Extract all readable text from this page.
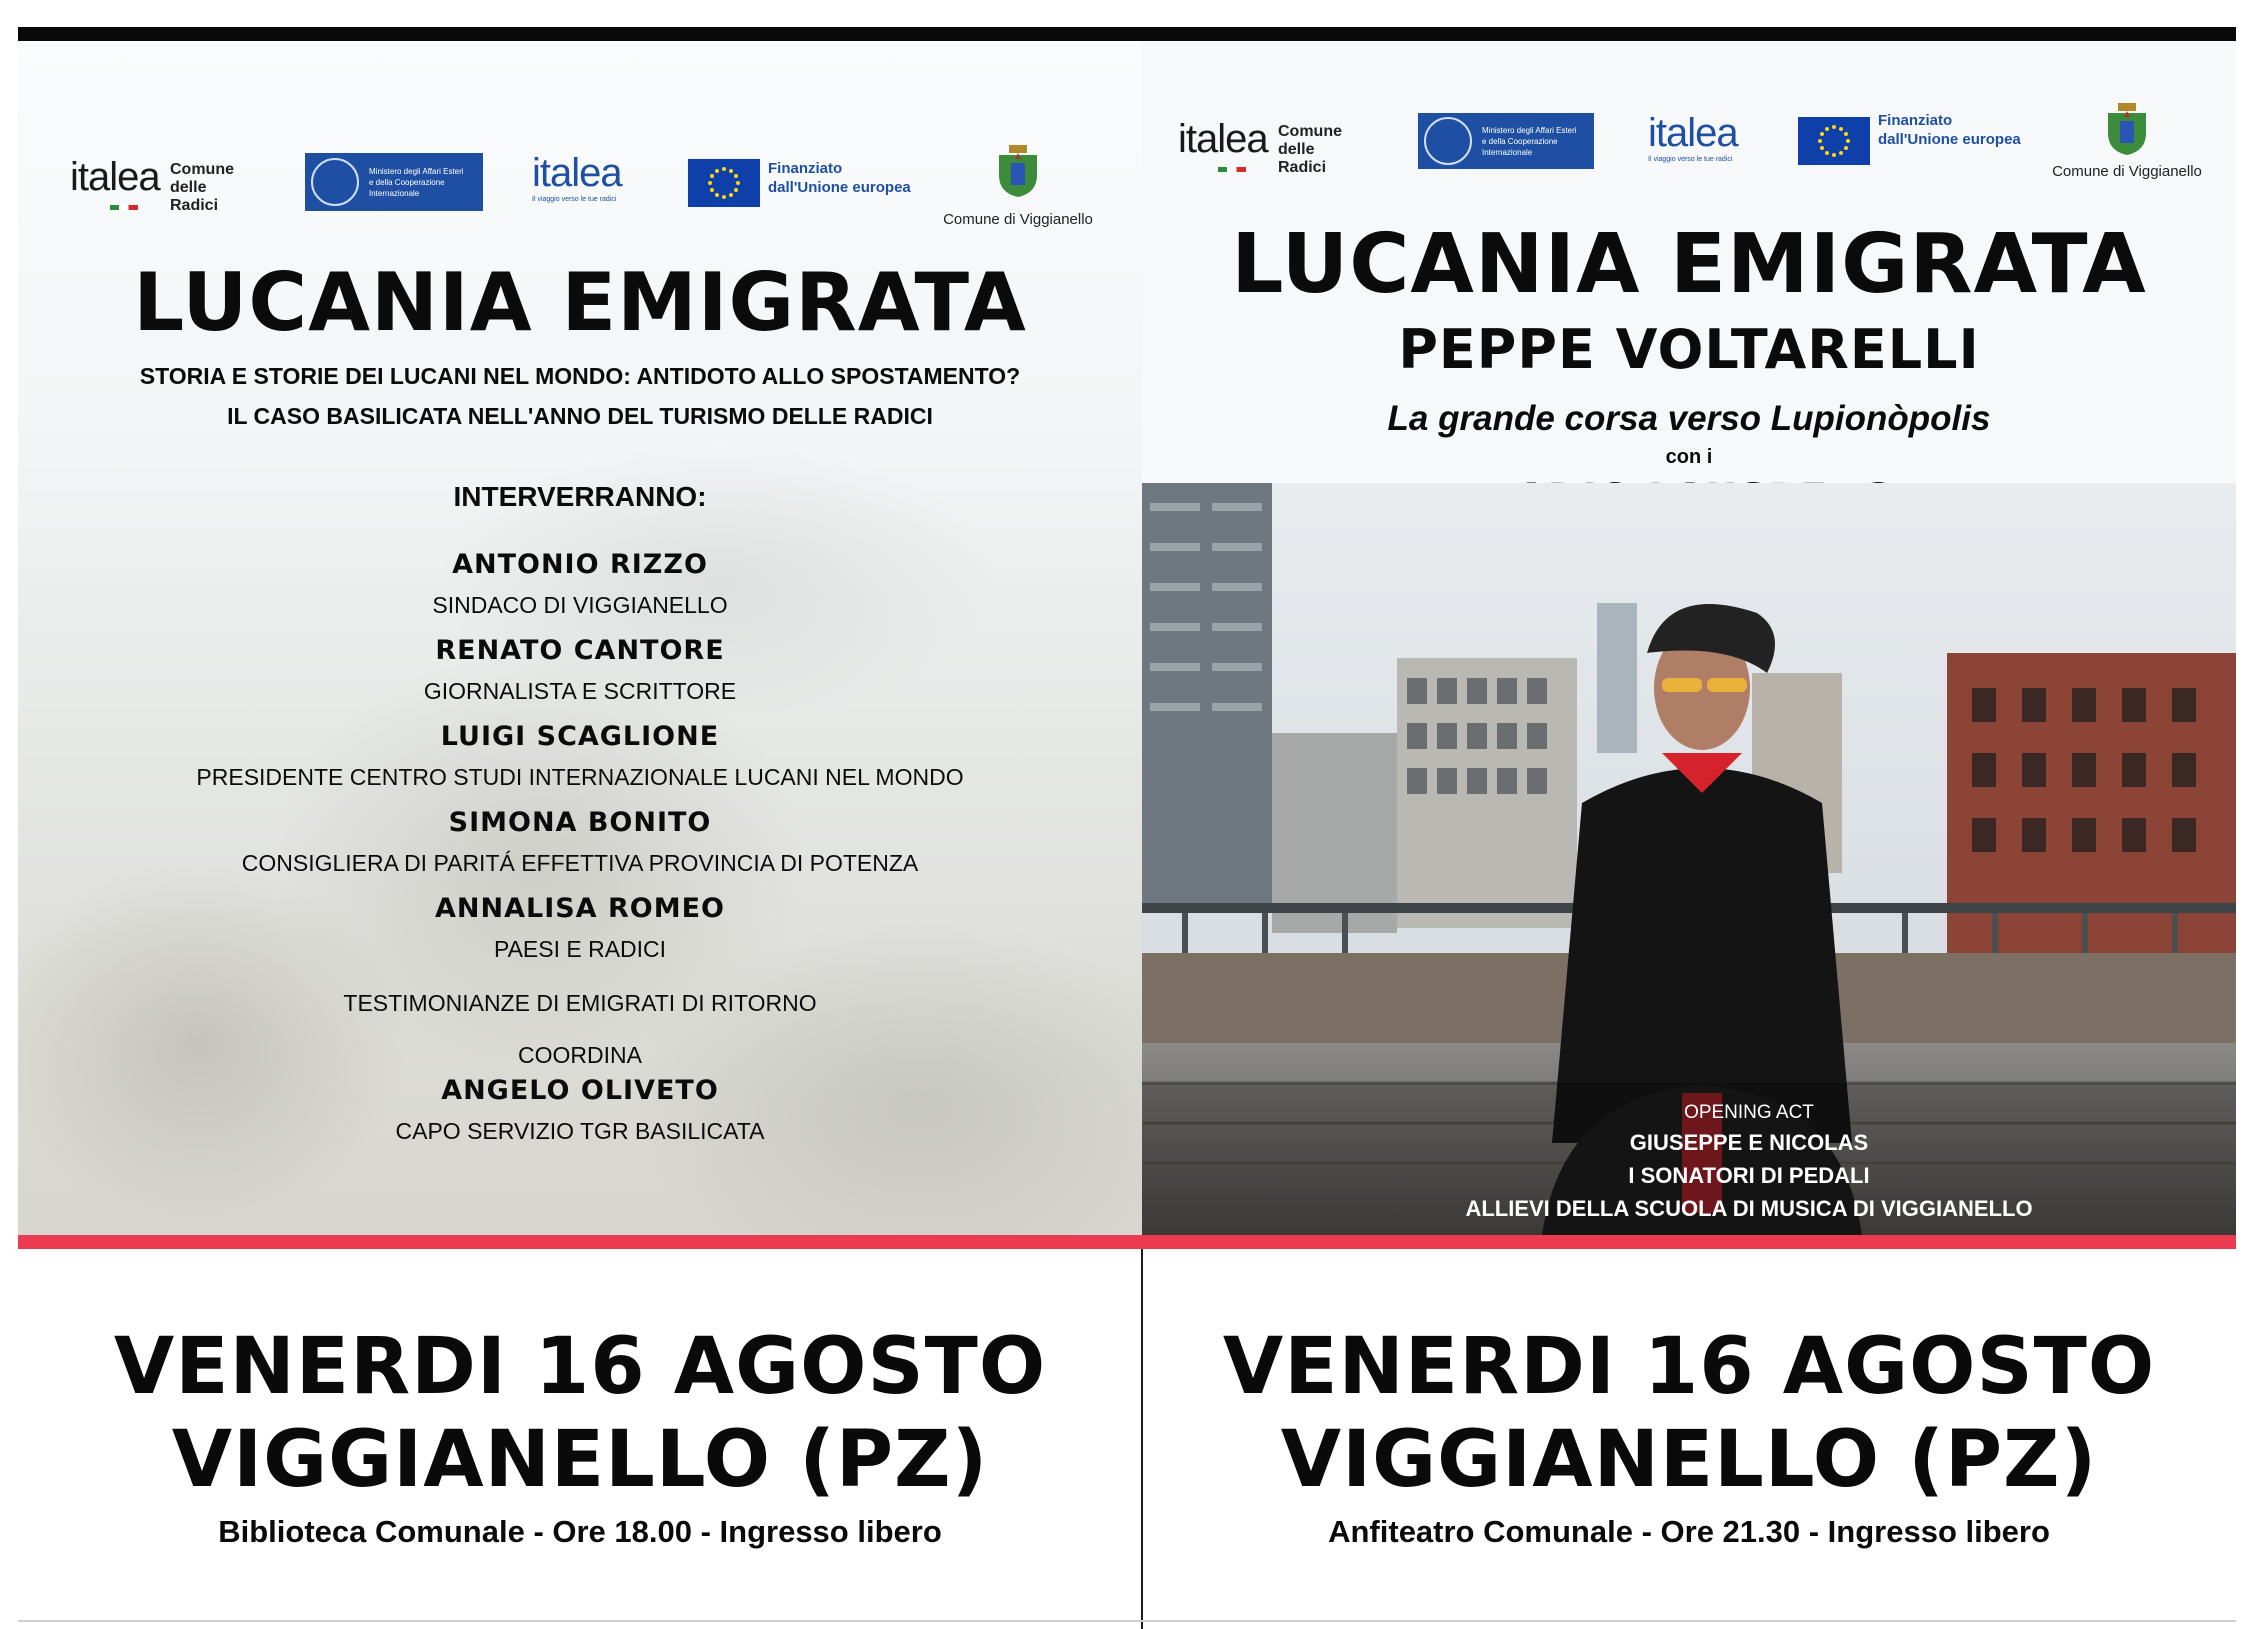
italea Comune
delle Radici
Ministero degli Affari Esteri
e della Cooperazione Internazionale	italea
Il viaggio verso le tue radici
Finanziato
dall'Unione europea
Comune di Viggianello
LUCANIA EMIGRATA
STORIA E STORIE DEI LUCANI NEL MONDO: ANTIDOTO ALLO SPOSTAMENTO?
IL CASO BASILICATA NELL'ANNO DEL TURISMO DELLE RADICI
INTERVERRANNO:
ANTONIO RIZZO
SINDACO DI VIGGIANELLO
RENATO CANTORE
GIORNALISTA E SCRITTORE
LUIGI SCAGLIONE
PRESIDENTE CENTRO STUDI INTERNAZIONALE LUCANI NEL MONDO
SIMONA BONITO
CONSIGLIERA DI PARITÁ EFFETTIVA PROVINCIA DI POTENZA
ANNALISA ROMEO
PAESI E RADICI
TESTIMONIANZE DI EMIGRATI DI RITORNO
COORDINA
ANGELO OLIVETO
CAPO SERVIZIO TGR BASILICATA
italea Comune
delle Radici
Ministero degli Affari Esteri
e della Cooperazione Internazionale	italea
Il viaggio verso le tue radici
Finanziato
dall'Unione europea
Comune di Viggianello
LUCANIA EMIGRATA
PEPPE VOLTARELLI
La grande corsa verso Lupionòpolis
con i
OPENING ACT
GIUSEPPE E NICOLAS
I SONATORI DI PEDALI
ALLIEVI DELLA SCUOLA DI MUSICA DI VIGGIANELLO
VENERDI 16 AGOSTO
VIGGIANELLO (PZ)
Biblioteca Comunale - Ore 18.00 - Ingresso libero
VENERDI 16 AGOSTO
VIGGIANELLO (PZ)
Anfiteatro Comunale - Ore 21.30 - Ingresso libero
